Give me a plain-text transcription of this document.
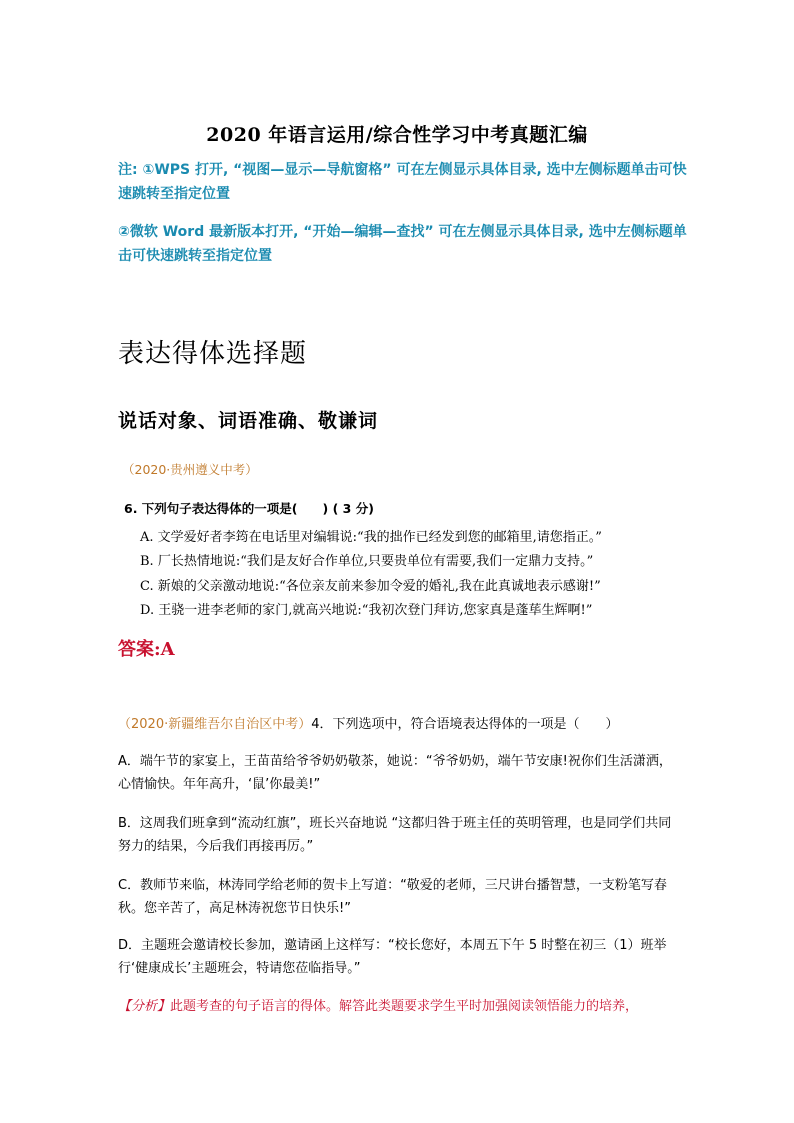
2020 年语言运用/综合性学习中考真题汇编
注: ①WPS 打开, “视图—显示—导航窗格” 可在左侧显示具体目录, 选中左侧标题单击可快速跳转至指定位置
②微软 Word 最新版本打开, “开始—编辑—查找” 可在左侧显示具体目录, 选中左侧标题单击可快速跳转至指定位置
表达得体选择题
说话对象、词语准确、敬谦词
（2020·贵州遵义中考）
6. 下列句子表达得体的一项是(　　) ( 3 分)
A. 文学爱好者李筠在电话里对编辑说:“我的拙作已经发到您的邮箱里,请您指正。”
B. 厂长热情地说:“我们是友好合作单位,只要贵单位有需要,我们一定鼎力支持。”
C. 新娘的父亲激动地说:“各位亲友前来参加令爱的婚礼,我在此真诚地表示感谢!”
D. 王骁一进李老师的家门,就高兴地说:“我初次登门拜访,您家真是蓬荜生辉啊!”
答案:A
（2020·新疆维吾尔自治区中考）4．下列选项中，符合语境表达得体的一项是（　　）
A．端午节的家宴上，王苗苗给爷爷奶奶敬茶，她说：“爷爷奶奶，端午节安康!祝你们生活潇洒，心情愉快。年年高升，‘鼠’你最美!”
B．这周我们班拿到“流动红旗”，班长兴奋地说 “这都归咎于班主任的英明管理，也是同学们共同努力的结果，今后我们再接再厉。”
C．教师节来临，林涛同学给老师的贺卡上写道：“敬爱的老师，三尺讲台播智慧，一支粉笔写春秋。您辛苦了，高足林涛祝您节日快乐!”
D．主题班会邀请校长参加，邀请函上这样写：“校长您好，本周五下午 5 时整在初三（1）班举行‘健康成长’主题班会，特请您莅临指导。”
【分析】此题考查的句子语言的得体。解答此类题要求学生平时加强阅读领悟能力的培养，
